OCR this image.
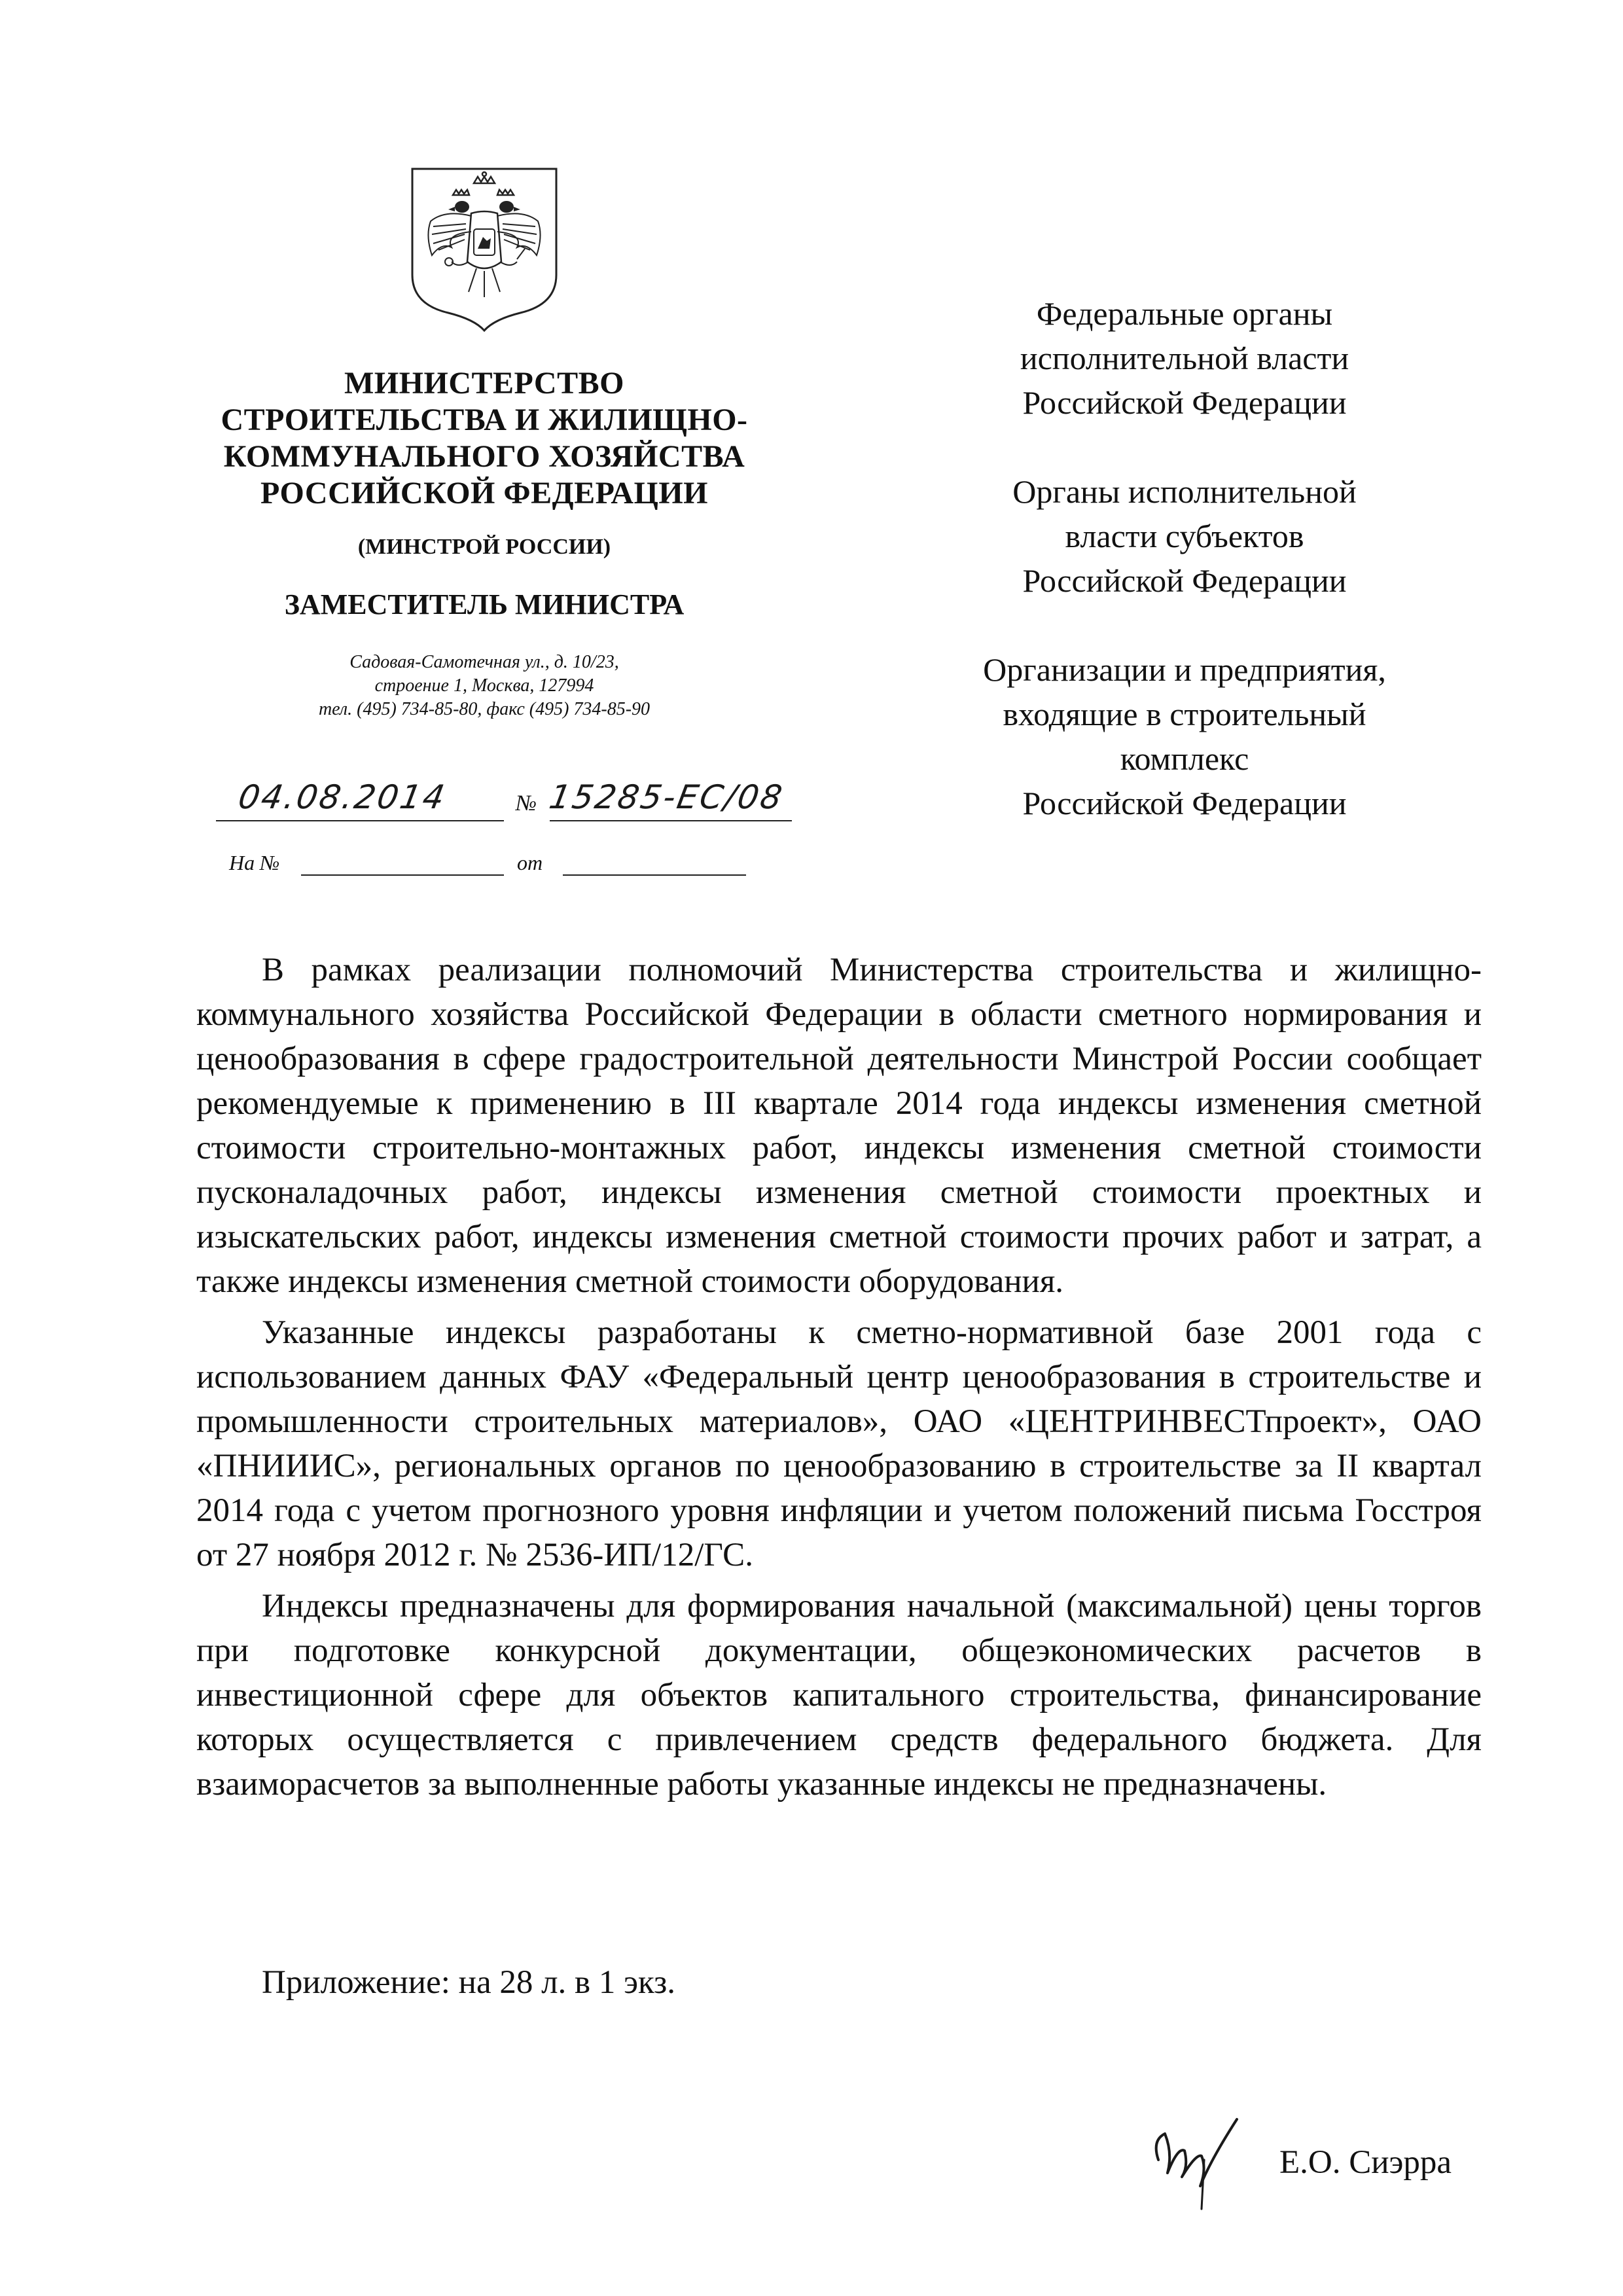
МИНИСТЕРСТВО
СТРОИТЕЛЬСТВА И ЖИЛИЩНО-
КОММУНАЛЬНОГО ХОЗЯЙСТВА
РОССИЙСКОЙ ФЕДЕРАЦИИ
(МИНСТРОЙ РОССИИ)
ЗАМЕСТИТЕЛЬ МИНИСТРА
Садовая-Самотечная ул., д. 10/23,
строение 1, Москва, 127994
тел. (495) 734-85-80, факс (495) 734-85-90
04.08.2014	№ 15285-ЕС/08
На №	от
Федеральные органы
исполнительной власти
Российской Федерации
Органы исполнительной
власти субъектов
Российской Федерации
Организации и предприятия,
входящие в строительный
комплекс
Российской Федерации

В рамках реализации полномочий Министерства строительства и жилищно-коммунального хозяйства Российской Федерации в области сметного нормирования и ценообразования в сфере градостроительной деятельности Минстрой России сообщает рекомендуемые к применению в III квартале 2014 года индексы изменения сметной стоимости строительно-монтажных работ, индексы изменения сметной стоимости пусконаладочных работ, индексы изменения сметной стоимости проектных и изыскательских работ, индексы изменения сметной стоимости прочих работ и затрат, а также индексы изменения сметной стоимости оборудования.

Указанные индексы разработаны к сметно-нормативной базе 2001 года с использованием данных ФАУ «Федеральный центр ценообразования в строительстве и промышленности строительных материалов», ОАО «ЦЕНТРИНВЕСТпроект», ОАО «ПНИИИС», региональных органов по ценообразованию в строительстве за II квартал 2014 года с учетом прогнозного уровня инфляции и учетом положений письма Госстроя от 27 ноября 2012 г. № 2536-ИП/12/ГС.

Индексы предназначены для формирования начальной (максимальной) цены торгов при подготовке конкурсной документации, общеэкономических расчетов в инвестиционной сфере для объектов капитального строительства, финансирование которых осуществляется с привлечением средств федерального бюджета. Для взаиморасчетов за выполненные работы указанные индексы не предназначены.

Приложение: на 28 л. в 1 экз.
Е.О. Сиэрра
